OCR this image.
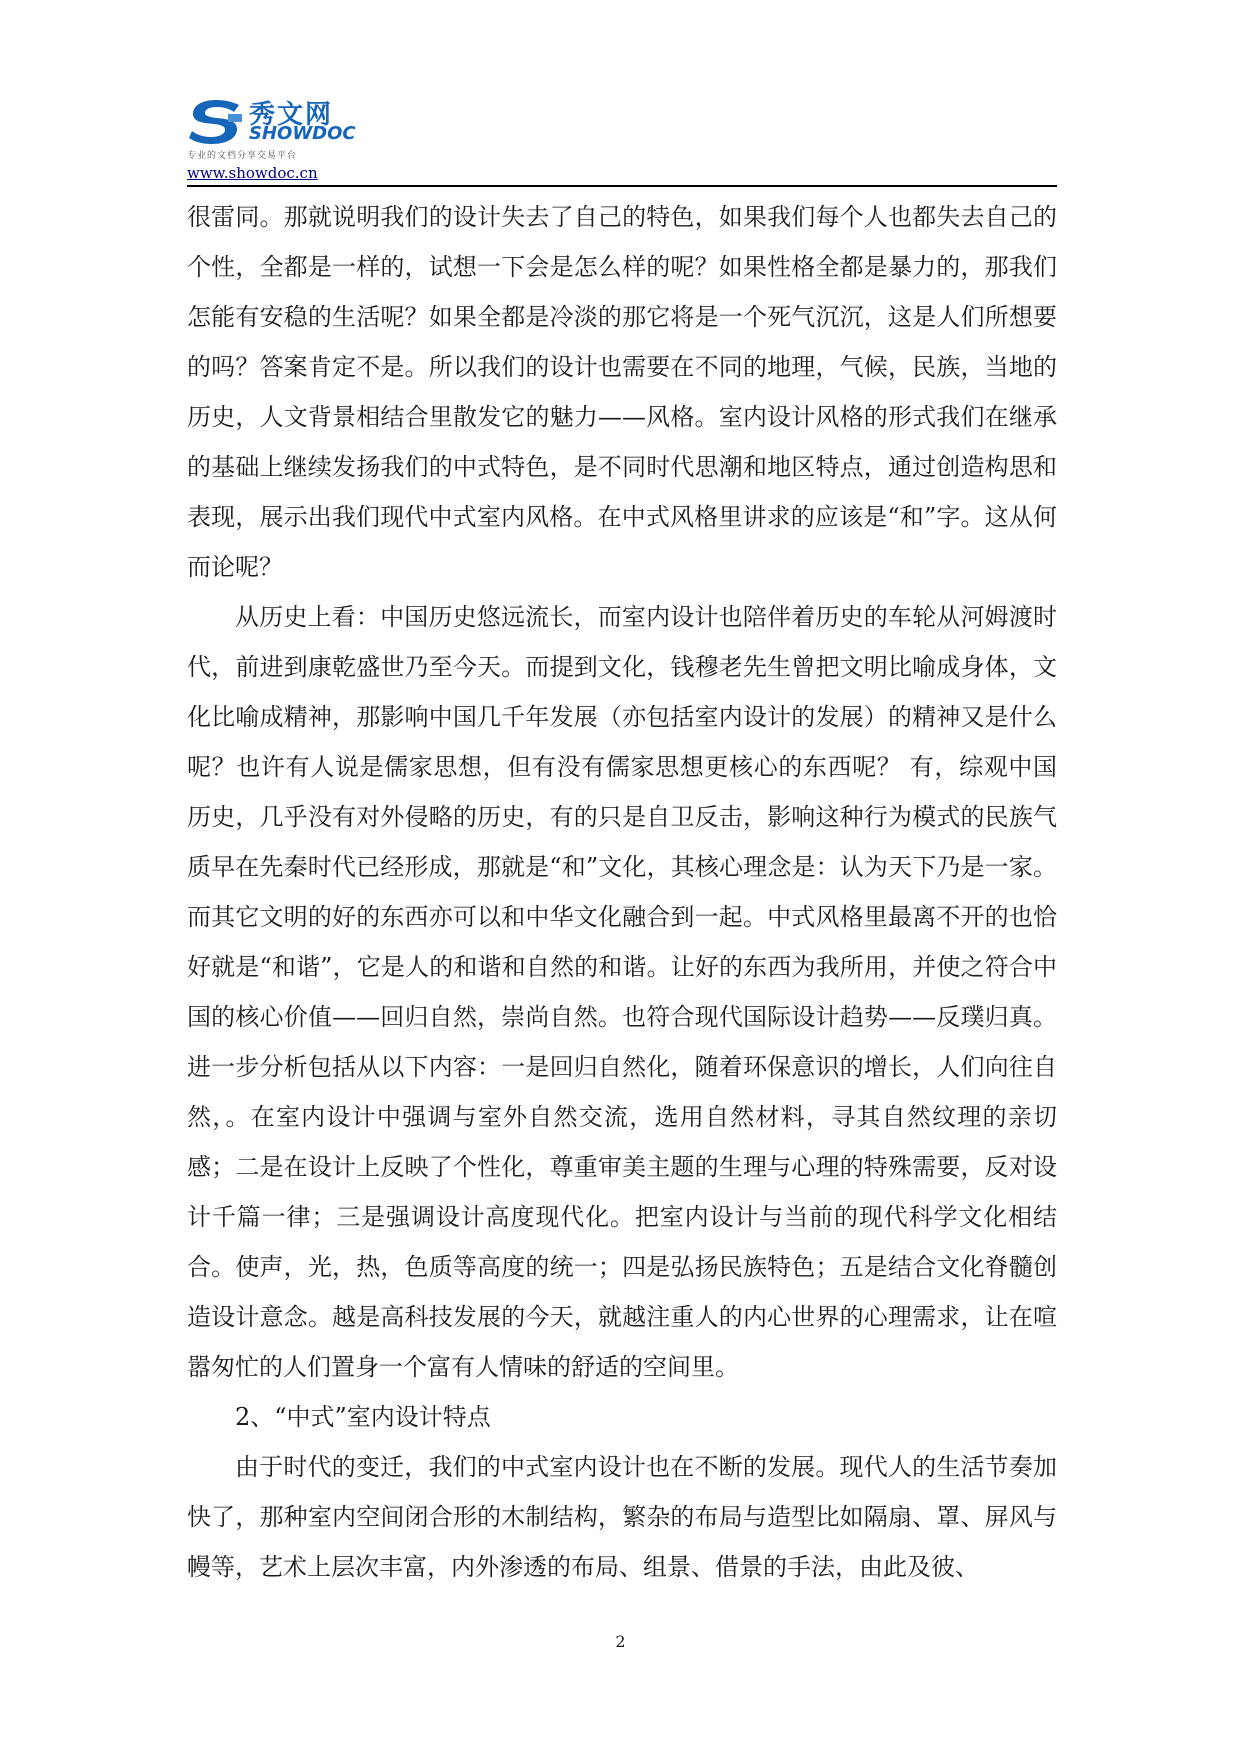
秀文网
SHOWDOC
专业的文档分享交易平台
www.showdoc.cn

很雷同。那就说明我们的设计失去了自己的特色，如果我们每个人也都失去自己的个性，全都是一样的，试想一下会是怎么样的呢？如果性格全都是暴力的，那我们怎能有安稳的生活呢？如果全都是冷淡的那它将是一个死气沉沉，这是人们所想要的吗？答案肯定不是。所以我们的设计也需要在不同的地理，气候，民族，当地的历史，人文背景相结合里散发它的魅力——风格。室内设计风格的形式我们在继承的基础上继续发扬我们的中式特色，是不同时代思潮和地区特点，通过创造构思和表现，展示出我们现代中式室内风格。在中式风格里讲求的应该是“和”字。这从何而论呢？

从历史上看：中国历史悠远流长，而室内设计也陪伴着历史的车轮从河姆渡时代，前进到康乾盛世乃至今天。而提到文化，钱穆老先生曾把文明比喻成身体，文化比喻成精神，那影响中国几千年发展（亦包括室内设计的发展）的精神又是什么呢？也许有人说是儒家思想，但有没有儒家思想更核心的东西呢？ 有，综观中国历史，几乎没有对外侵略的历史，有的只是自卫反击，影响这种行为模式的民族气质早在先秦时代已经形成，那就是“和”文化，其核心理念是：认为天下乃是一家。而其它文明的好的东西亦可以和中华文化融合到一起。中式风格里最离不开的也恰好就是“和谐”，它是人的和谐和自然的和谐。让好的东西为我所用，并使之符合中国的核心价值——回归自然，崇尚自然。也符合现代国际设计趋势——反璞归真。进一步分析包括从以下内容：一是回归自然化，随着环保意识的增长，人们向往自然，。在室内设计中强调与室外自然交流，选用自然材料，寻其自然纹理的亲切感；二是在设计上反映了个性化，尊重审美主题的生理与心理的特殊需要，反对设计千篇一律；三是强调设计高度现代化。把室内设计与当前的现代科学文化相结合。使声，光，热，色质等高度的统一；四是弘扬民族特色；五是结合文化脊髓创造设计意念。越是高科技发展的今天，就越注重人的内心世界的心理需求，让在喧嚣匆忙的人们置身一个富有人情味的舒适的空间里。

2、“中式”室内设计特点

由于时代的变迁，我们的中式室内设计也在不断的发展。现代人的生活节奏加快了，那种室内空间闭合形的木制结构，繁杂的布局与造型比如隔扇、罩、屏风与幔等，艺术上层次丰富，内外渗透的布局、组景、借景的手法，由此及彼、

2
